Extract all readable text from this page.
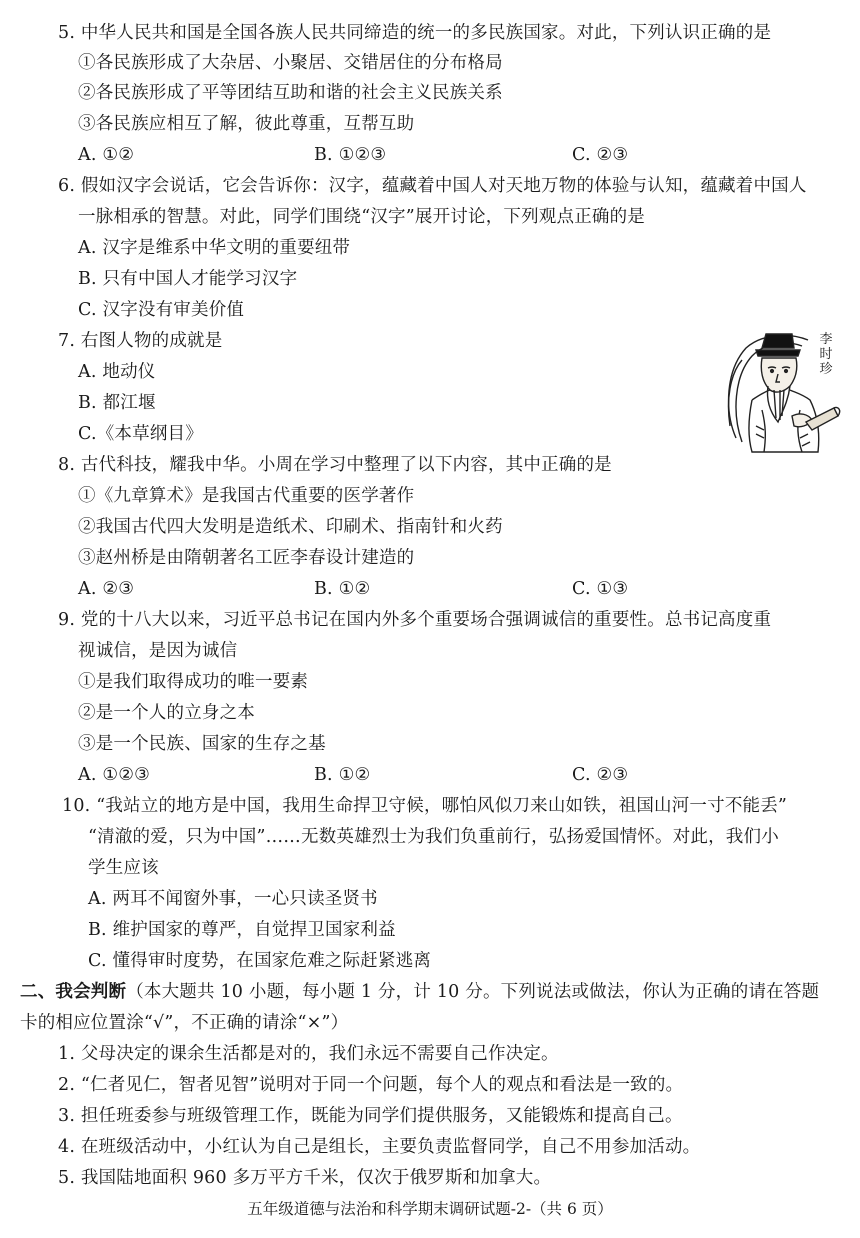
5. 中华人民共和国是全国各族人民共同缔造的统一的多民族国家。对此，下列认识正确的是
①各民族形成了大杂居、小聚居、交错居住的分布格局
②各民族形成了平等团结互助和谐的社会主义民族关系
③各民族应相互了解，彼此尊重，互帮互助
A. ①②	B. ①②③	C. ②③
6. 假如汉字会说话，它会告诉你：汉字，蕴藏着中国人对天地万物的体验与认知，蕴藏着中国人
一脉相承的智慧。对此，同学们围绕“汉字”展开讨论，下列观点正确的是
A. 汉字是维系中华文明的重要纽带
B. 只有中国人才能学习汉字
C. 汉字没有审美价值
7. 右图人物的成就是
A. 地动仪
B. 都江堰
C.《本草纲目》
李时珍
8. 古代科技，耀我中华。小周在学习中整理了以下内容，其中正确的是
①《九章算术》是我国古代重要的医学著作
②我国古代四大发明是造纸术、印刷术、指南针和火药
③赵州桥是由隋朝著名工匠李春设计建造的
A. ②③	B. ①②	C. ①③
9. 党的十八大以来，习近平总书记在国内外多个重要场合强调诚信的重要性。总书记高度重
视诚信，是因为诚信
①是我们取得成功的唯一要素
②是一个人的立身之本
③是一个民族、国家的生存之基
A. ①②③	B. ①②	C. ②③
10. “我站立的地方是中国，我用生命捍卫守候，哪怕风似刀来山如铁，祖国山河一寸不能丢”
“清澈的爱，只为中国”……无数英雄烈士为我们负重前行，弘扬爱国情怀。对此，我们小
学生应该
A. 两耳不闻窗外事，一心只读圣贤书
B. 维护国家的尊严，自觉捍卫国家利益
C. 懂得审时度势，在国家危难之际赶紧逃离
二、我会判断（本大题共 10 小题，每小题 1 分，计 10 分。下列说法或做法，你认为正确的请在答题
卡的相应位置涂“√”，不正确的请涂“×”）
1. 父母决定的课余生活都是对的，我们永远不需要自己作决定。
2. “仁者见仁，智者见智”说明对于同一个问题，每个人的观点和看法是一致的。
3. 担任班委参与班级管理工作，既能为同学们提供服务，又能锻炼和提高自己。
4. 在班级活动中，小红认为自己是组长，主要负责监督同学，自己不用参加活动。
5. 我国陆地面积 960 多万平方千米，仅次于俄罗斯和加拿大。
五年级道德与法治和科学期末调研试题-2-（共 6 页）
